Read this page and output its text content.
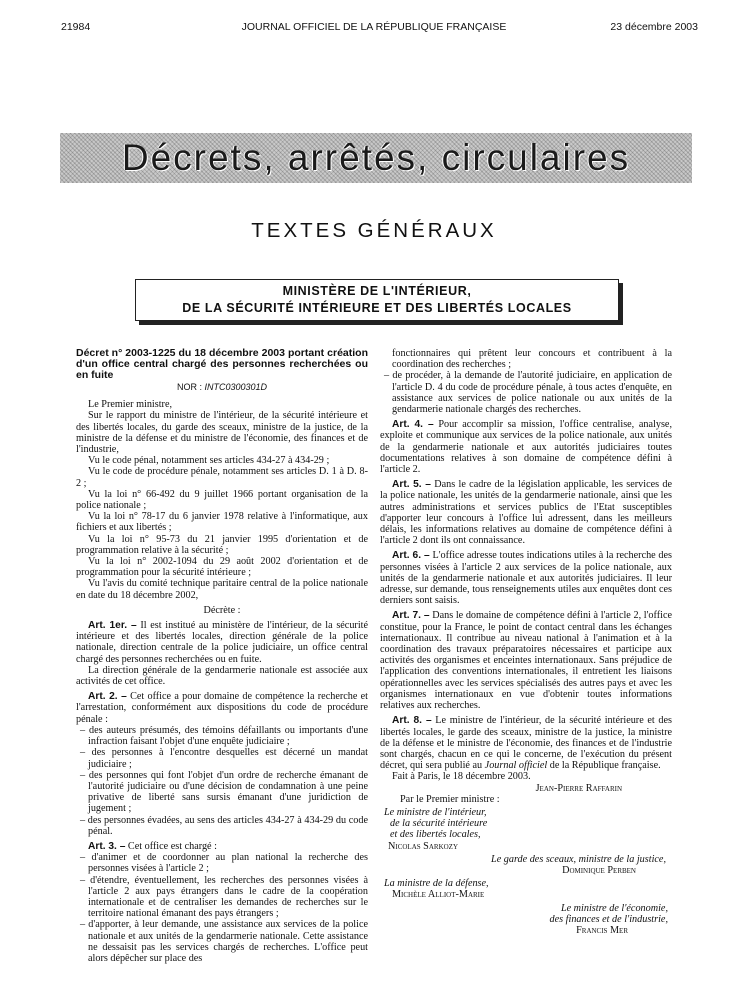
21984	JOURNAL OFFICIEL DE LA RÉPUBLIQUE FRANÇAISE	23 décembre 2003
Décrets, arrêtés, circulaires
TEXTES GÉNÉRAUX
MINISTÈRE DE L'INTÉRIEUR,
DE LA SÉCURITÉ INTÉRIEURE ET DES LIBERTÉS LOCALES
Décret n° 2003-1225 du 18 décembre 2003 portant création d'un office central chargé des personnes recherchées ou en fuite
NOR : INTC0300301D

Le Premier ministre,

Sur le rapport du ministre de l'intérieur, de la sécurité intérieure et des libertés locales, du garde des sceaux, ministre de la justice, de la ministre de la défense et du ministre de l'économie, des finances et de l'industrie,

Vu le code pénal, notamment ses articles 434-27 à 434-29 ;

Vu le code de procédure pénale, notamment ses articles D. 1 à D. 8-2 ;

Vu la loi n° 66-492 du 9 juillet 1966 portant organisation de la police nationale ;

Vu la loi n° 78-17 du 6 janvier 1978 relative à l'informatique, aux fichiers et aux libertés ;

Vu la loi n° 95-73 du 21 janvier 1995 d'orientation et de programmation relative à la sécurité ;

Vu la loi n° 2002-1094 du 29 août 2002 d'orientation et de programmation pour la sécurité intérieure ;

Vu l'avis du comité technique paritaire central de la police nationale en date du 18 décembre 2002,

Décrète :

Art. 1er. – Il est institué au ministère de l'intérieur, de la sécurité intérieure et des libertés locales, direction générale de la police nationale, direction centrale de la police judiciaire, un office central chargé des personnes recherchées ou en fuite.

La direction générale de la gendarmerie nationale est associée aux activités de cet office.

Art. 2. – Cet office a pour domaine de compétence la recherche et l'arrestation, conformément aux dispositions du code de procédure pénale :

– des auteurs présumés, des témoins défaillants ou importants d'une infraction faisant l'objet d'une enquête judiciaire ;

– des personnes à l'encontre desquelles est décerné un mandat judiciaire ;

– des personnes qui font l'objet d'un ordre de recherche émanant de l'autorité judiciaire ou d'une décision de condamnation à une peine privative de liberté sans sursis émanant d'une juridiction de jugement ;

– des personnes évadées, au sens des articles 434-27 à 434-29 du code pénal.

Art. 3. – Cet office est chargé :

– d'animer et de coordonner au plan national la recherche des personnes visées à l'article 2 ;

– d'étendre, éventuellement, les recherches des personnes visées à l'article 2 aux pays étrangers dans le cadre de la coopération internationale et de centraliser les demandes de recherches sur le territoire national émanant des pays étrangers ;

– d'apporter, à leur demande, une assistance aux services de la police nationale et aux unités de la gendarmerie nationale. Cette assistance ne dessaisit pas les services chargés de recherches. L'office peut alors dépêcher sur place des

fonctionnaires qui prêtent leur concours et contribuent à la coordination des recherches ;

– de procéder, à la demande de l'autorité judiciaire, en application de l'article D. 4 du code de procédure pénale, à tous actes d'enquête, en assistance aux services de police nationale ou aux unités de la gendarmerie nationale chargés des recherches.

Art. 4. – Pour accomplir sa mission, l'office centralise, analyse, exploite et communique aux services de la police nationale, aux unités de la gendarmerie nationale et aux autorités judiciaires toutes documentations relatives à son domaine de compétence défini à l'article 2.

Art. 5. – Dans le cadre de la législation applicable, les services de la police nationale, les unités de la gendarmerie nationale, ainsi que les autres administrations et services publics de l'Etat susceptibles d'apporter leur concours à l'office lui adressent, dans les meilleurs délais, les informations relatives au domaine de compétence défini à l'article 2 dont ils ont connaissance.

Art. 6. – L'office adresse toutes indications utiles à la recherche des personnes visées à l'article 2 aux services de la police nationale, aux unités de la gendarmerie nationale et aux autorités judiciaires. Il leur adresse, sur demande, tous renseignements utiles aux enquêtes dont ces derniers sont saisis.

Art. 7. – Dans le domaine de compétence défini à l'article 2, l'office constitue, pour la France, le point de contact central dans les échanges internationaux. Il contribue au niveau national à l'animation et à la coordination des travaux préparatoires nécessaires et participe aux activités des organismes et enceintes internationaux. Sans préjudice de l'application des conventions internationales, il entretient les liaisons opérationnelles avec les services spécialisés des autres pays et avec les organismes internationaux en vue d'obtenir toutes informations relatives aux recherches.

Art. 8. – Le ministre de l'intérieur, de la sécurité intérieure et des libertés locales, le garde des sceaux, ministre de la justice, la ministre de la défense et le ministre de l'économie, des finances et de l'industrie sont chargés, chacun en ce qui le concerne, de l'exécution du présent décret, qui sera publié au Journal officiel de la République française.

Fait à Paris, le 18 décembre 2003.

Jean-Pierre Raffarin

Par le Premier ministre :

Le ministre de l'intérieur,

de la sécurité intérieure

et des libertés locales,

Nicolas Sarkozy

Le garde des sceaux, ministre de la justice,

Dominique Perben

La ministre de la défense,

Michèle Alliot-Marie

Le ministre de l'économie,

des finances et de l'industrie,

Francis Mer
